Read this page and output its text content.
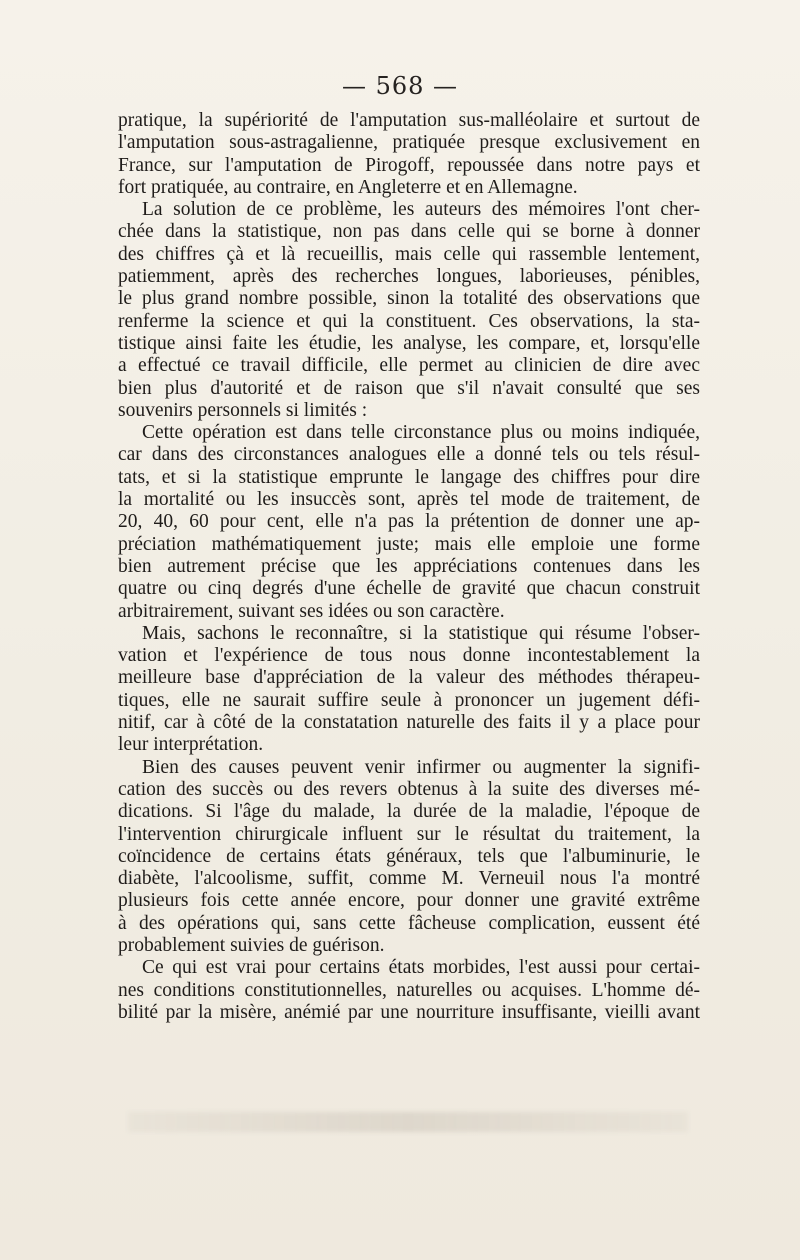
— 568 —
pratique, la supériorité de l'amputation sus-malléolaire et surtout de
l'amputation sous-astragalienne, pratiquée presque exclusivement en
France, sur l'amputation de Pirogoff, repoussée dans notre pays et
fort pratiquée, au contraire, en Angleterre et en Allemagne.
La solution de ce problème, les auteurs des mémoires l'ont cher-
chée dans la statistique, non pas dans celle qui se borne à donner
des chiffres çà et là recueillis, mais celle qui rassemble lentement,
patiemment, après des recherches longues, laborieuses, pénibles,
le plus grand nombre possible, sinon la totalité des observations que
renferme la science et qui la constituent. Ces observations, la sta-
tistique ainsi faite les étudie, les analyse, les compare, et, lorsqu'elle
a effectué ce travail difficile, elle permet au clinicien de dire avec
bien plus d'autorité et de raison que s'il n'avait consulté que ses
souvenirs personnels si limités :
Cette opération est dans telle circonstance plus ou moins indiquée,
car dans des circonstances analogues elle a donné tels ou tels résul-
tats, et si la statistique emprunte le langage des chiffres pour dire
la mortalité ou les insuccès sont, après tel mode de traitement, de
20, 40, 60 pour cent, elle n'a pas la prétention de donner une ap-
préciation mathématiquement juste; mais elle emploie une forme
bien autrement précise que les appréciations contenues dans les
quatre ou cinq degrés d'une échelle de gravité que chacun construit
arbitrairement, suivant ses idées ou son caractère.
Mais, sachons le reconnaître, si la statistique qui résume l'obser-
vation et l'expérience de tous nous donne incontestablement la
meilleure base d'appréciation de la valeur des méthodes thérapeu-
tiques, elle ne saurait suffire seule à prononcer un jugement défi-
nitif, car à côté de la constatation naturelle des faits il y a place pour
leur interprétation.
Bien des causes peuvent venir infirmer ou augmenter la signifi-
cation des succès ou des revers obtenus à la suite des diverses mé-
dications. Si l'âge du malade, la durée de la maladie, l'époque de
l'intervention chirurgicale influent sur le résultat du traitement, la
coïncidence de certains états généraux, tels que l'albuminurie, le
diabète, l'alcoolisme, suffit, comme M. Verneuil nous l'a montré
plusieurs fois cette année encore, pour donner une gravité extrême
à des opérations qui, sans cette fâcheuse complication, eussent été
probablement suivies de guérison.
Ce qui est vrai pour certains états morbides, l'est aussi pour certai-
nes conditions constitutionnelles, naturelles ou acquises. L'homme dé-
bilité par la misère, anémié par une nourriture insuffisante, vieilli avant
